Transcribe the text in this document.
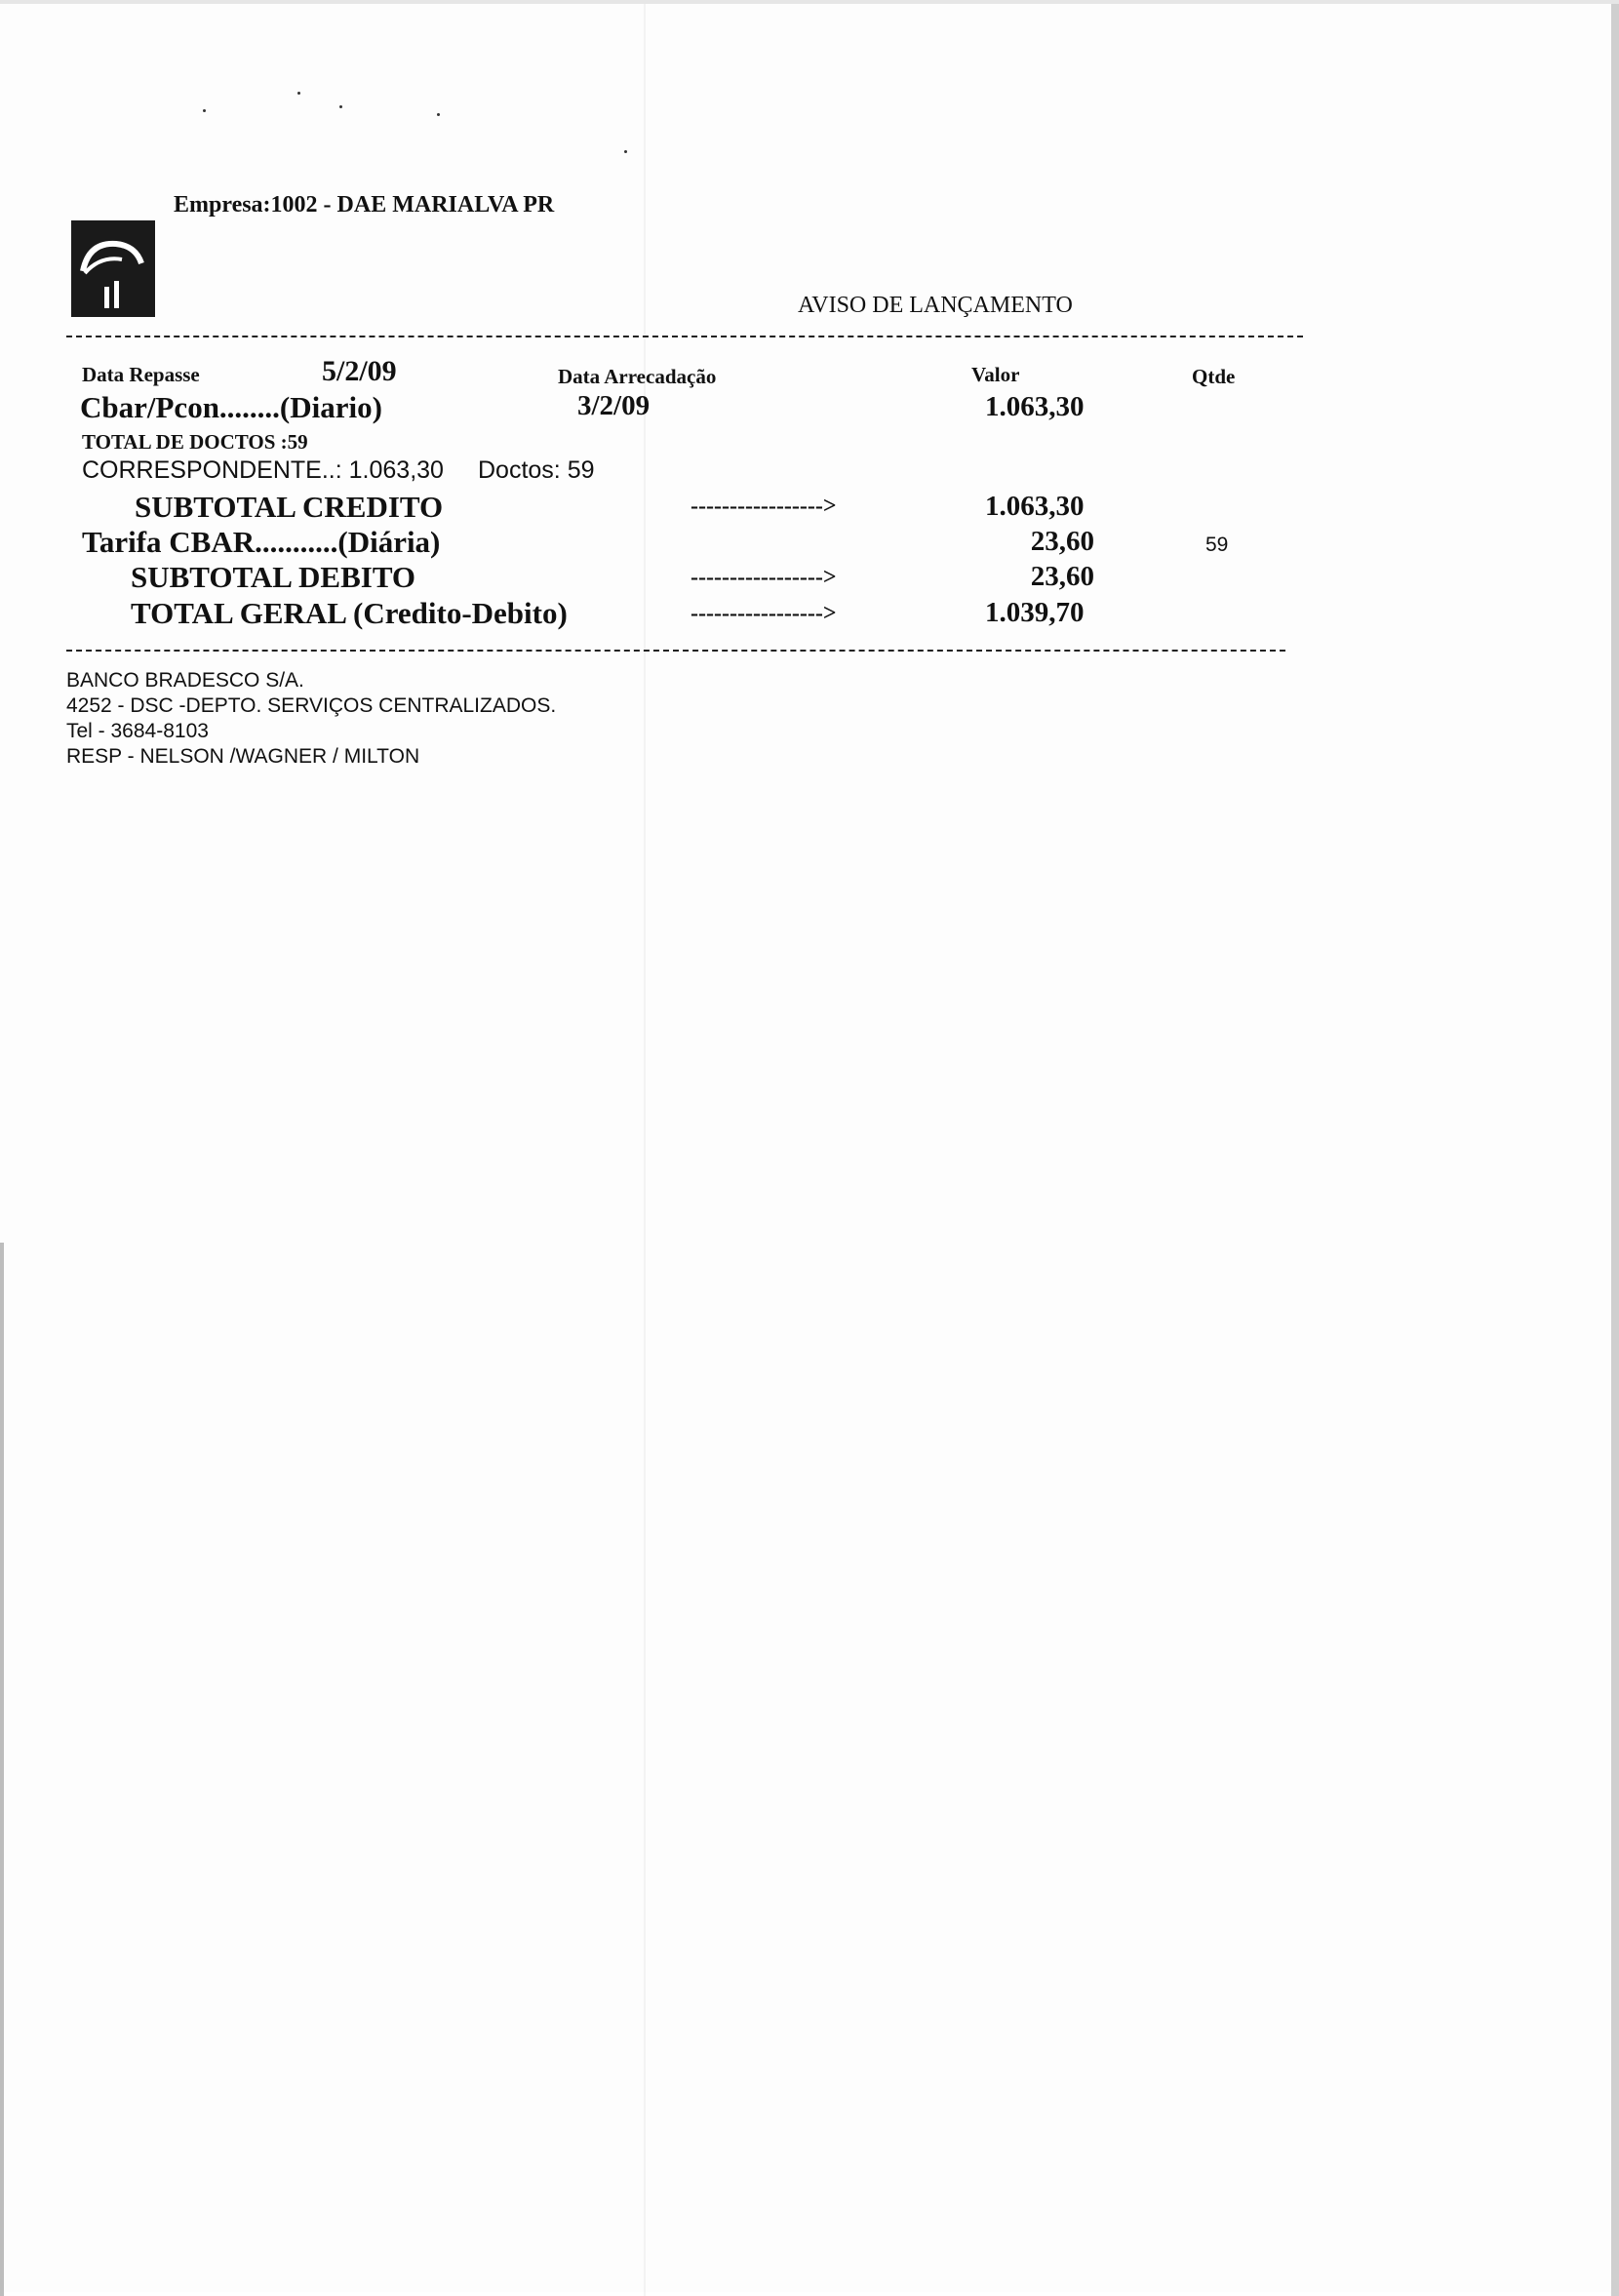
Empresa:1002 - DAE MARIALVA PR
AVISO DE LANÇAMENTO
Data Repasse	5/2/09	Data Arrecadação	Valor	Qtde
Cbar/Pcon........(Diario)	3/2/09	1.063,30
TOTAL DE DOCTOS :59
CORRESPONDENTE..: 1.063,30 Doctos: 59
SUBTOTAL CREDITO	----------------->	1.063,30
Tarifa CBAR...........(Diária)	23,60	59
SUBTOTAL DEBITO	----------------->	23,60
TOTAL GERAL (Credito-Debito)	----------------->	1.039,70
BANCO BRADESCO S/A.
4252 - DSC -DEPTO. SERVIÇOS CENTRALIZADOS.
Tel - 3684-8103
RESP - NELSON /WAGNER / MILTON
